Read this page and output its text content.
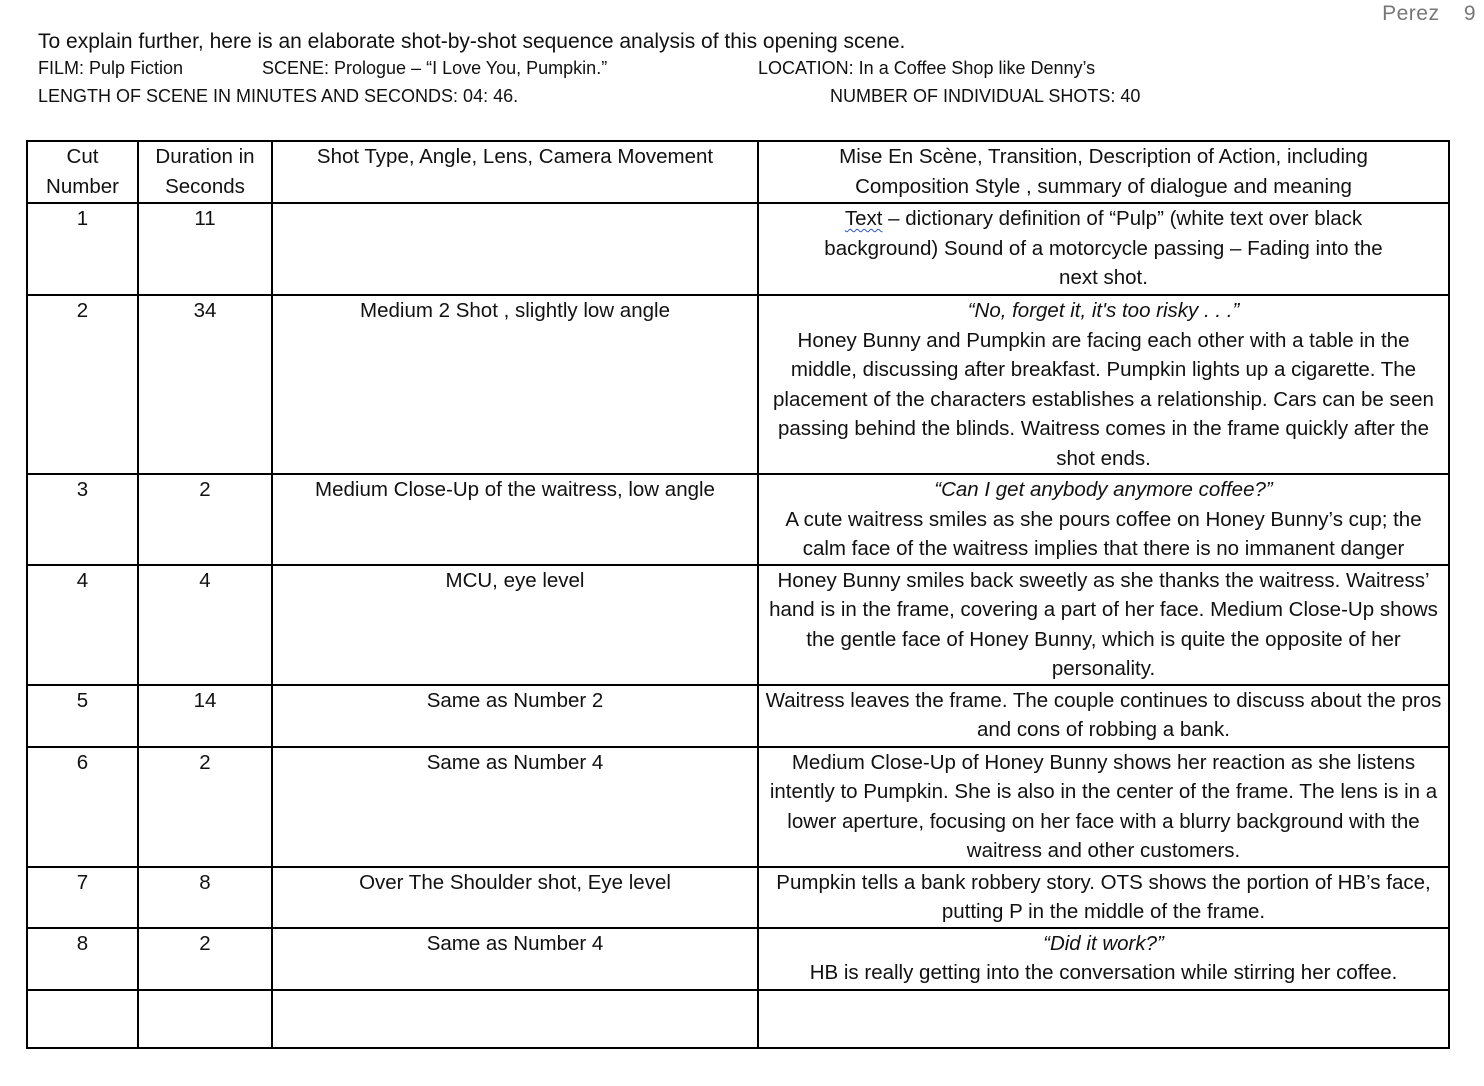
Perez 9
To explain further, here is an elaborate shot-by-shot sequence analysis of this opening scene.
FILM: Pulp Fiction	SCENE: Prologue – “I Love You, Pumpkin.”	LOCATION: In a Coffee Shop like Denny’s
LENGTH OF SCENE IN MINUTES AND SECONDS: 04: 46.	NUMBER OF INDIVIDUAL SHOTS: 40
Cut Number	Duration in Seconds	Shot Type, Angle, Lens, Camera Movement	Mise En Scène, Transition, Description of Action, including Composition Style , summary of dialogue and meaning
1	11		Text – dictionary definition of “Pulp” (white text over black background) Sound of a motorcycle passing – Fading into the next shot.
2	34	Medium 2 Shot , slightly low angle	“No, forget it, it's too risky . . .”
Honey Bunny and Pumpkin are facing each other with a table in the middle, discussing after breakfast. Pumpkin lights up a cigarette. The placement of the characters establishes a relationship. Cars can be seen passing behind the blinds. Waitress comes in the frame quickly after the shot ends.

3	2	Medium Close-Up of the waitress, low angle	“Can I get anybody anymore coffee?”
A cute waitress smiles as she pours coffee on Honey Bunny’s cup; the calm face of the waitress implies that there is no immanent danger

4	4	MCU, eye level	Honey Bunny smiles back sweetly as she thanks the waitress. Waitress’ hand is in the frame, covering a part of her face. Medium Close-Up shows the gentle face of Honey Bunny, which is quite the opposite of her personality.
5	14	Same as Number 2	Waitress leaves the frame. The couple continues to discuss about the pros and cons of robbing a bank.
6	2	Same as Number 4	Medium Close-Up of Honey Bunny shows her reaction as she listens intently to Pumpkin. She is also in the center of the frame. The lens is in a lower aperture, focusing on her face with a blurry background with the waitress and other customers.
7	8	Over The Shoulder shot, Eye level	Pumpkin tells a bank robbery story. OTS shows the portion of HB’s face, putting P in the middle of the frame.
8	2	Same as Number 4	“Did it work?”
HB is really getting into the conversation while stirring her coffee.
